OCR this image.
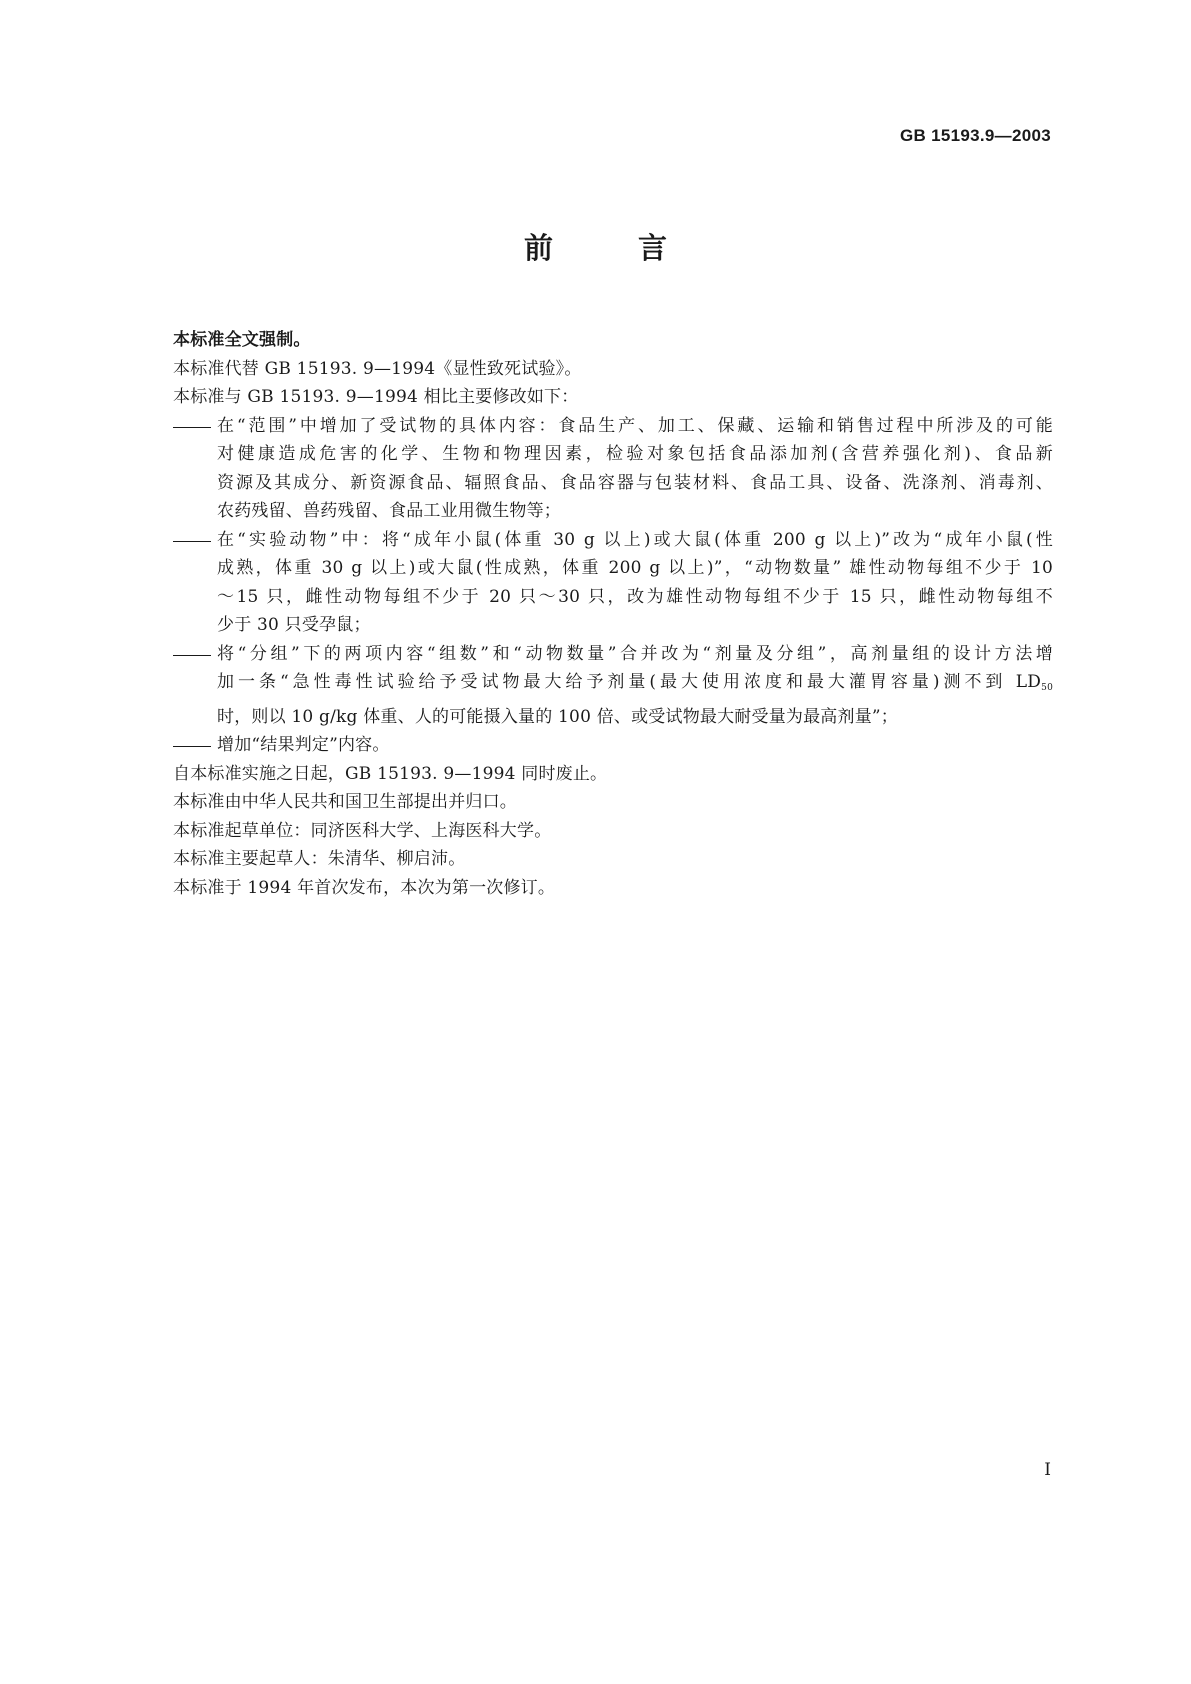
GB 15193.9—2003
前　言

本标准全文强制。

本标准代替 GB 15193. 9—1994《显性致死试验》。

本标准与 GB 15193. 9—1994 相比主要修改如下：

在“范围”中增加了受试物的具体内容：食品生产、加工、保藏、运输和销售过程中所涉及的可能
对健康造成危害的化学、生物和物理因素，检验对象包括食品添加剂(含营养强化剂)、食品新
资源及其成分、新资源食品、辐照食品、食品容器与包装材料、食品工具、设备、洗涤剂、消毒剂、
农药残留、兽药残留、食品工业用微生物等；
在“实验动物”中：将“成年小鼠(体重 30 g 以上)或大鼠(体重 200 g 以上)”改为“成年小鼠(性
成熟，体重 30 g 以上)或大鼠(性成熟，体重 200 g 以上)”，“动物数量” 雄性动物每组不少于 10
～15 只，雌性动物每组不少于 20 只～30 只，改为雄性动物每组不少于 15 只，雌性动物每组不
少于 30 只受孕鼠；
将“分组”下的两项内容“组数”和“动物数量”合并改为“剂量及分组”，高剂量组的设计方法增
加一条“急性毒性试验给予受试物最大给予剂量(最大使用浓度和最大灌胃容量)测不到 $LD_{50}$
时，则以 10 g/kg 体重、人的可能摄入量的 100 倍、或受试物最大耐受量为最高剂量”；
增加“结果判定”内容。

自本标准实施之日起，GB 15193. 9—1994 同时废止。

本标准由中华人民共和国卫生部提出并归口。

本标准起草单位：同济医科大学、上海医科大学。

本标准主要起草人：朱清华、柳启沛。

本标准于 1994 年首次发布，本次为第一次修订。

I
